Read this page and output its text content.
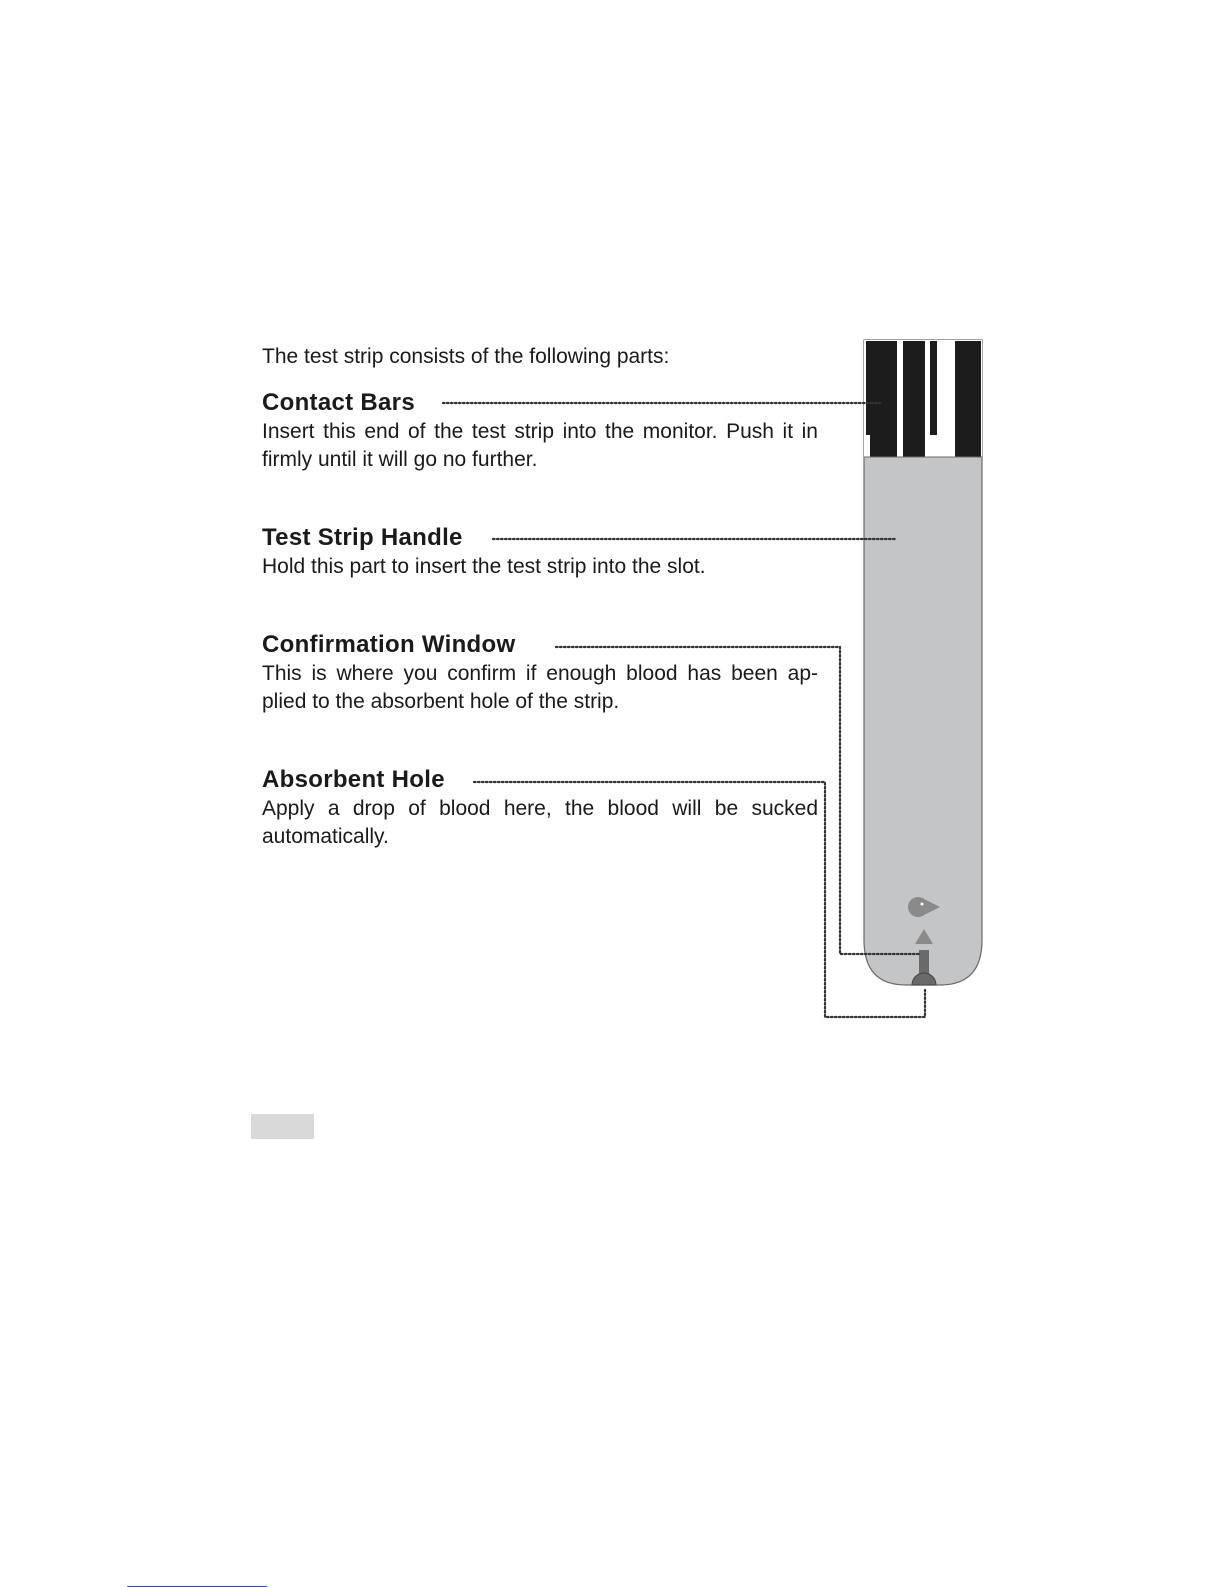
The test strip consists of the following parts:
Contact Bars
Insert this end of the test strip into the monitor. Push it in firmly until it will go no further.
Test Strip Handle
Hold this part to insert the test strip into the slot.
Confirmation Window
This is where you confirm if enough blood has been ap-plied to the absorbent hole of the strip.
Absorbent Hole
Apply a drop of blood here, the blood will be sucked automatically.
